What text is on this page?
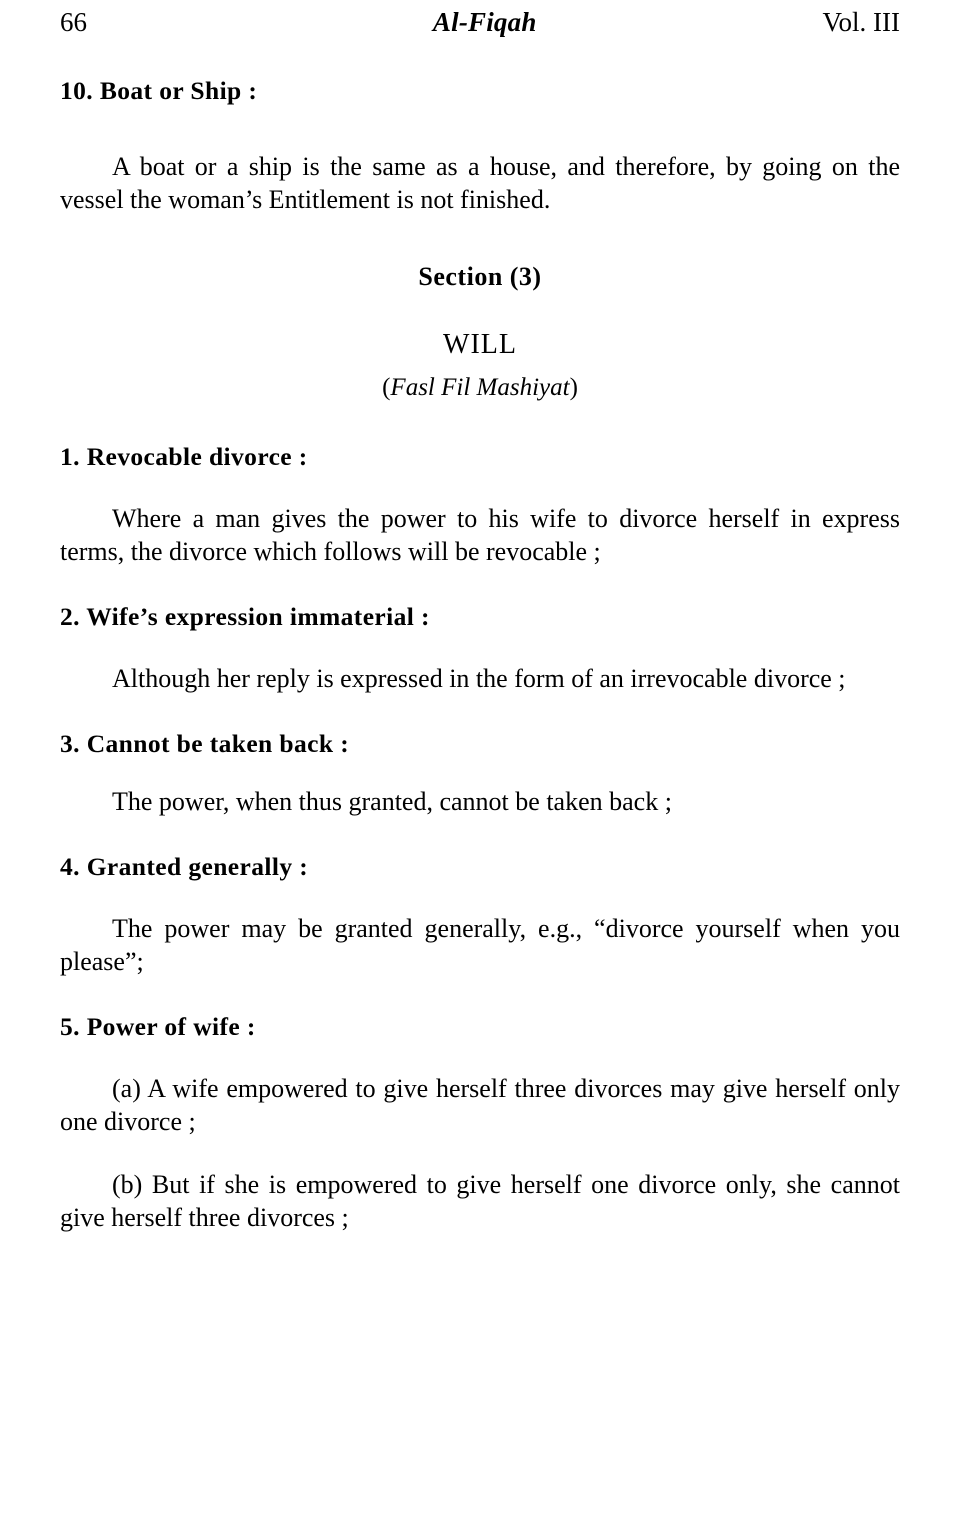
66	Al-Fiqah	Vol. III

10. Boat or Ship :

A boat or a ship is the same as a house, and therefore, by going on the vessel the woman’s Entitlement is not finished.

Section (3)

WILL

(Fasl Fil Mashiyat)

1. Revocable divorce :

Where a man gives the power to his wife to divorce herself in express terms, the divorce which follows will be revocable ;

2. Wife’s expression immaterial :

Although her reply is expressed in the form of an irrevocable divorce ;

3. Cannot be taken back :

The power, when thus granted, cannot be taken back ;

4. Granted generally :

The power may be granted generally, e.g., “divorce yourself when you please”;

5. Power of wife :

(a) A wife empowered to give herself three divorces may give herself only one divorce ;

(b) But if she is empowered to give herself one divorce only, she cannot give herself three divorces ;
